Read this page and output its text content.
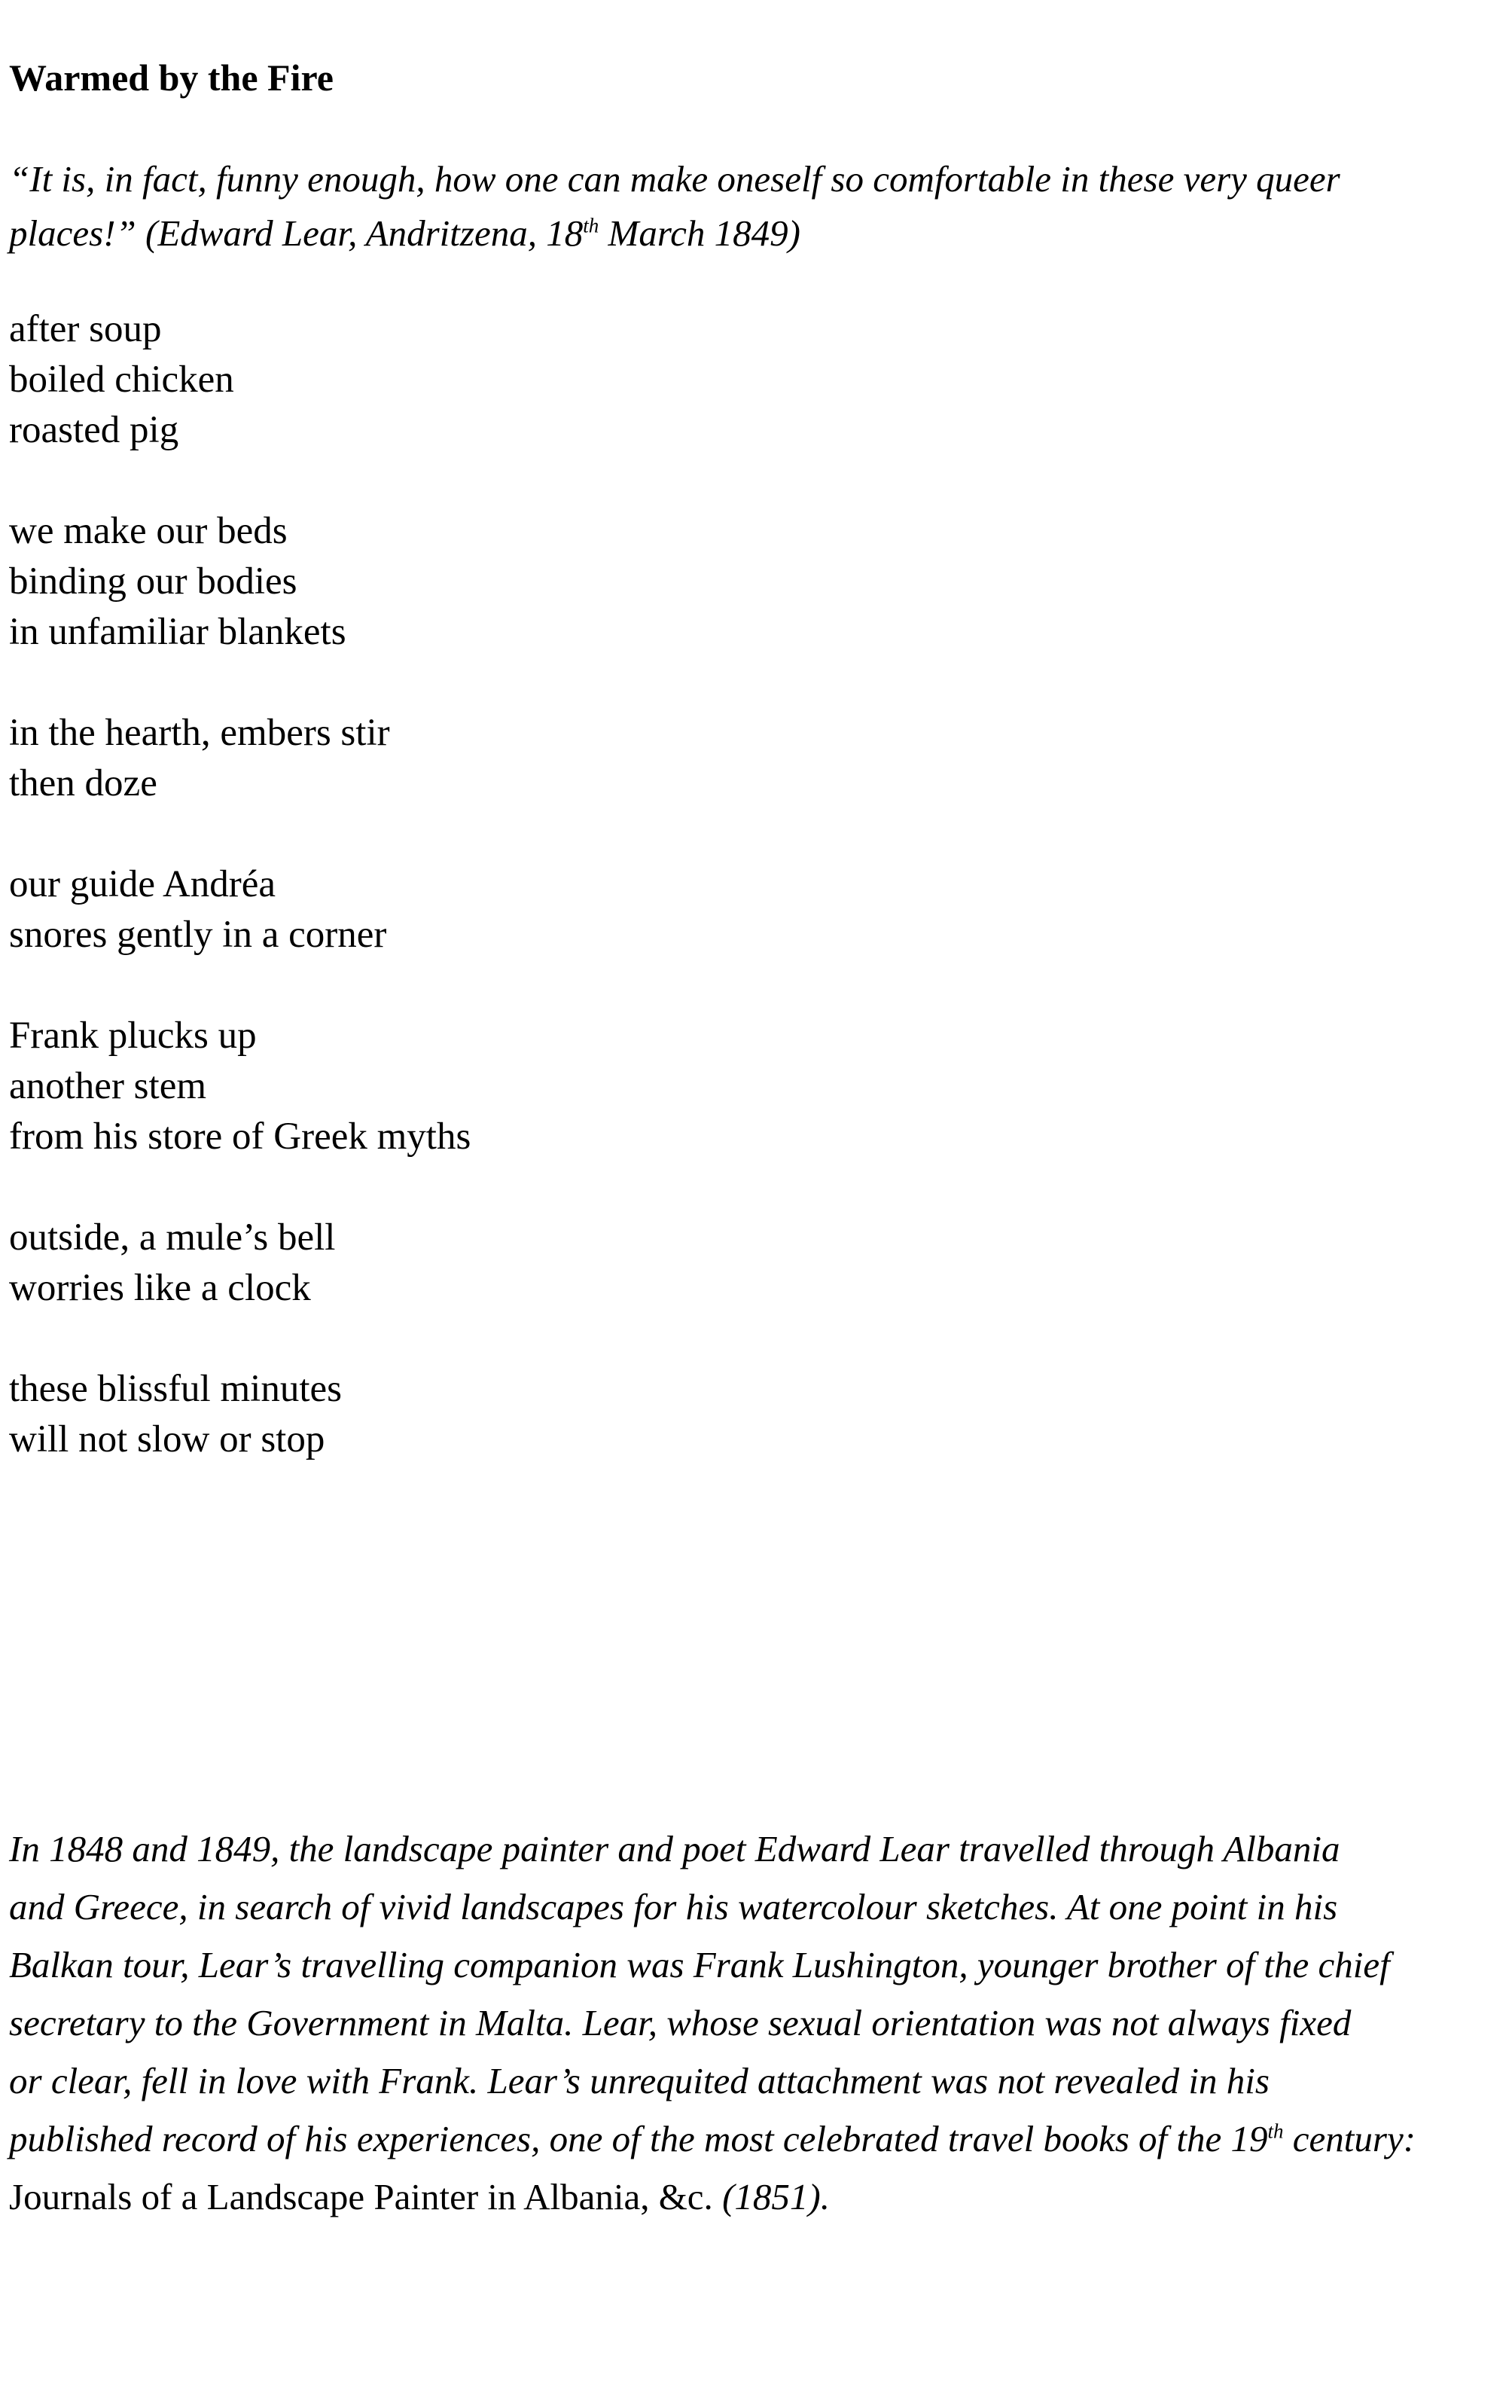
Warmed by the Fire

“It is, in fact, funny enough, how one can make oneself so comfortable in these very queer
places!” (Edward Lear, Andritzena, 18th March 1849)

after soup
boiled chicken
roasted pig
we make our beds
binding our bodies
in unfamiliar blankets
in the hearth, embers stir
then doze
our guide Andréa
snores gently in a corner
Frank plucks up
another stem
from his store of Greek myths
outside, a mule’s bell
worries like a clock
these blissful minutes
will not slow or stop

In 1848 and 1849, the landscape painter and poet Edward Lear travelled through Albania
and Greece, in search of vivid landscapes for his watercolour sketches. At one point in his
Balkan tour, Lear’s travelling companion was Frank Lushington, younger brother of the chief
secretary to the Government in Malta. Lear, whose sexual orientation was not always fixed
or clear, fell in love with Frank. Lear’s unrequited attachment was not revealed in his
published record of his experiences, one of the most celebrated travel books of the 19th century:
Journals of a Landscape Painter in Albania, &c. (1851).
